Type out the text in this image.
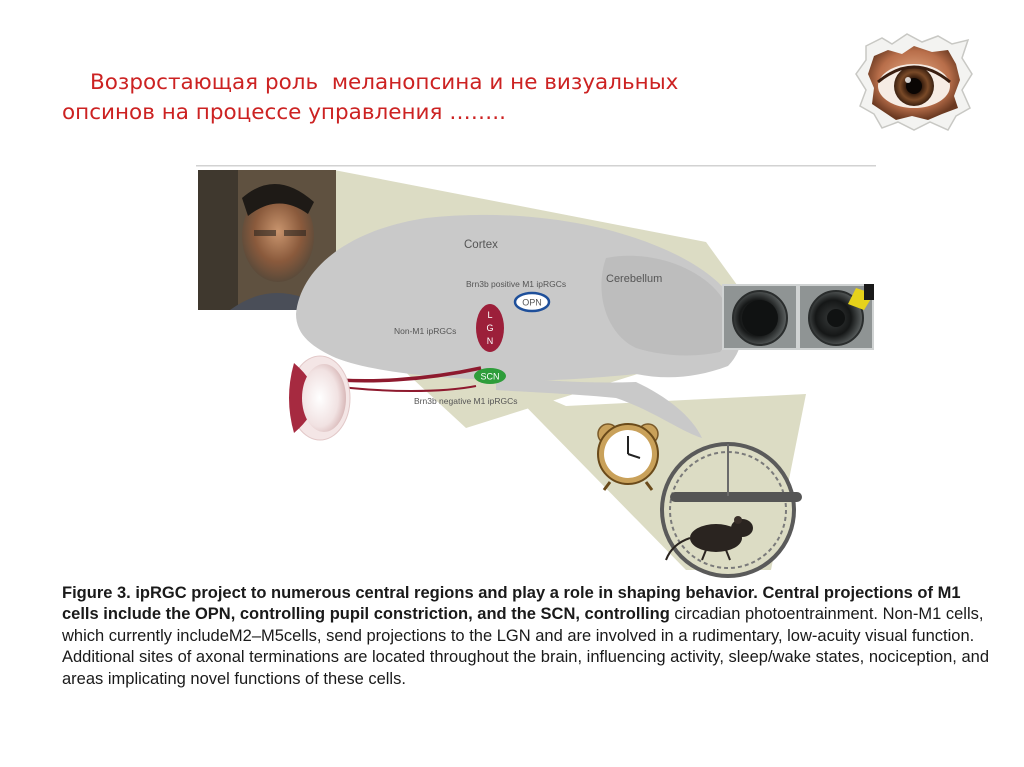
Возростающая роль  меланопсина и не визуальных
опсинов на процессе управления ……..
Cortex
Cerebellum
Brn3b positive M1 ipRGCs
Non-M1 ipRGCs
Brn3b negative M1 ipRGCs
OPN
L
G
N
SCN
Figure 3. ipRGC project to numerous central regions and play a role in shaping behavior. Central projections of M1 cells include the OPN, controlling pupil constriction, and the SCN, controlling circadian photoentrainment. Non-M1 cells, which currently includeM2–M5cells, send projections to the LGN and are involved in a rudimentary, low-acuity visual function. Additional sites of axonal terminations are located throughout the brain, influencing activity, sleep/wake states, nociception, and areas implicating novel functions of these cells.
